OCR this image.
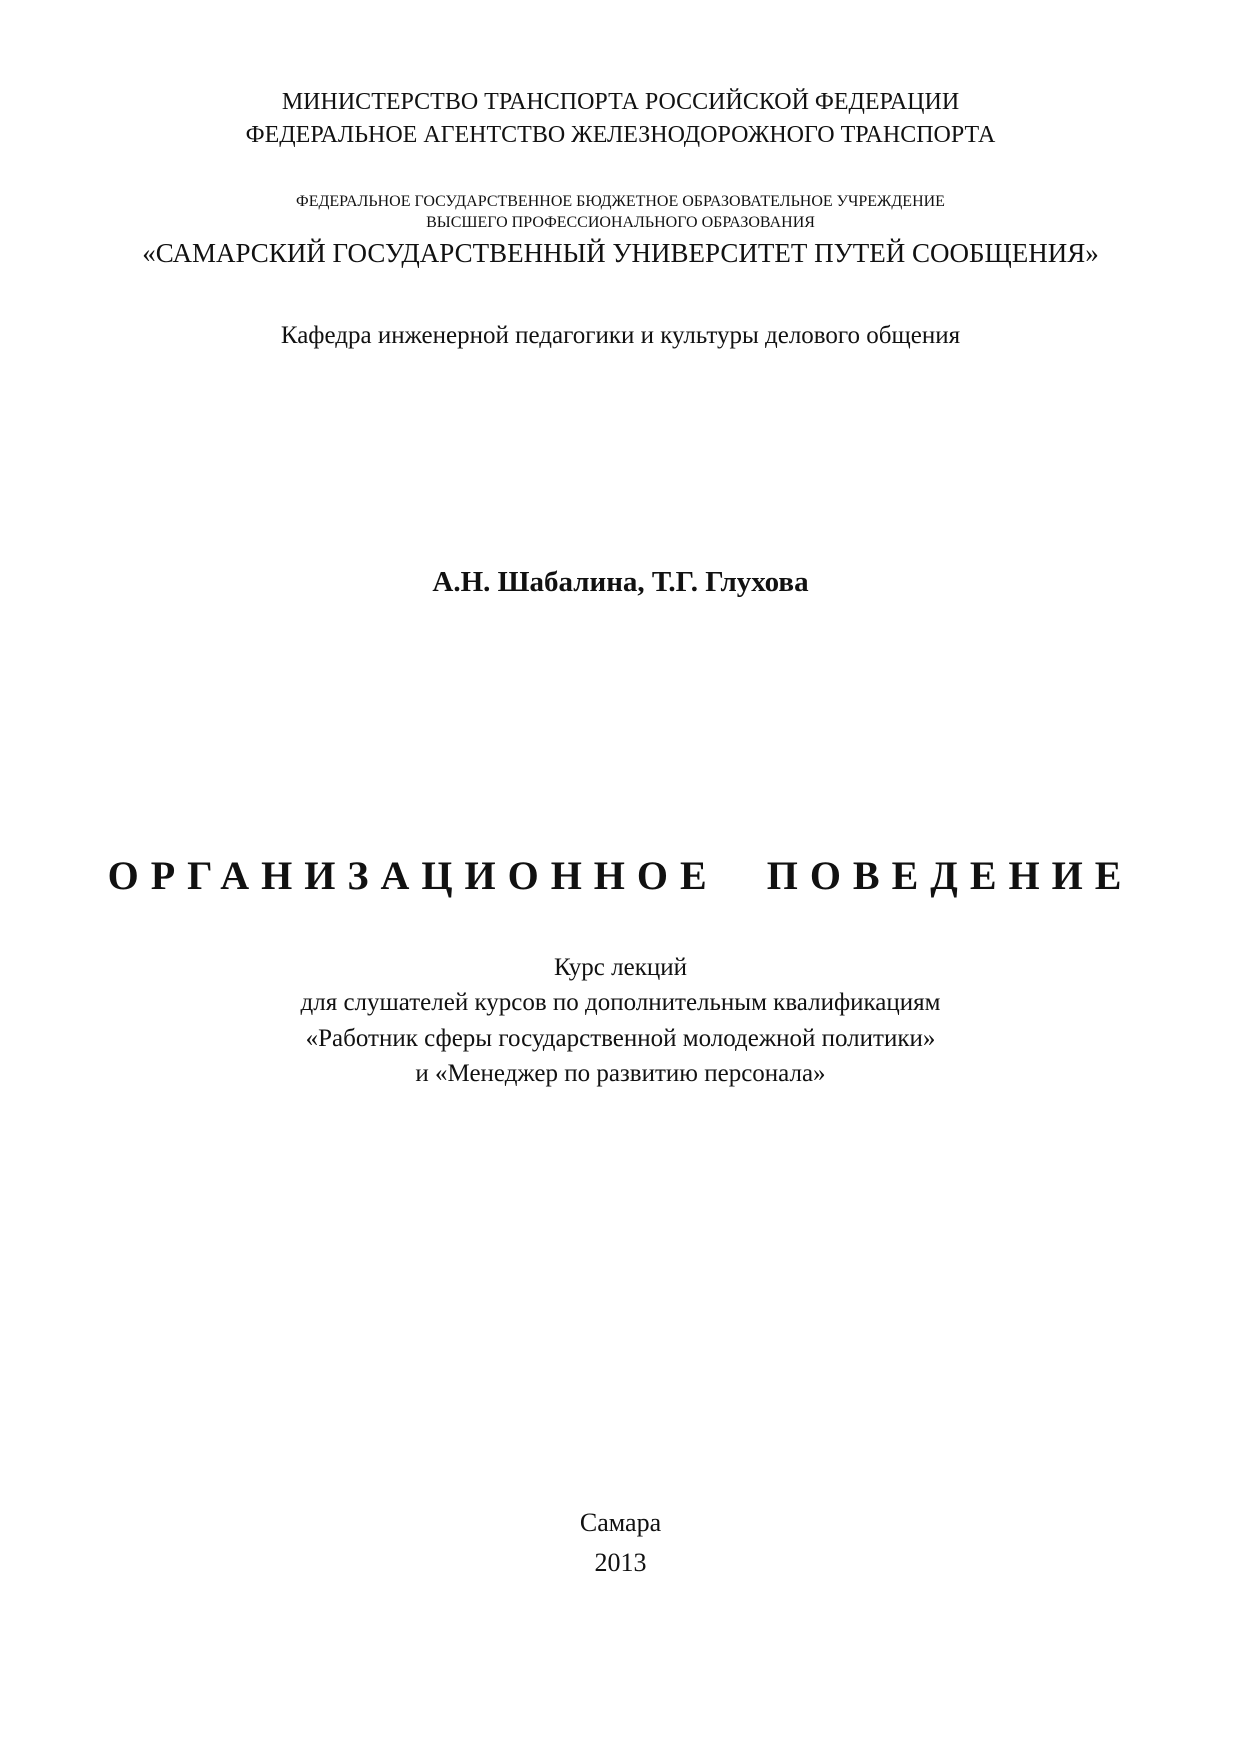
МИНИСТЕРСТВО ТРАНСПОРТА РОССИЙСКОЙ ФЕДЕРАЦИИ
ФЕДЕРАЛЬНОЕ АГЕНТСТВО ЖЕЛЕЗНОДОРОЖНОГО ТРАНСПОРТА
ФЕДЕРАЛЬНОЕ ГОСУДАРСТВЕННОЕ БЮДЖЕТНОЕ ОБРАЗОВАТЕЛЬНОЕ УЧРЕЖДЕНИЕ
ВЫСШЕГО ПРОФЕССИОНАЛЬНОГО ОБРАЗОВАНИЯ
«САМАРСКИЙ ГОСУДАРСТВЕННЫЙ УНИВЕРСИТЕТ ПУТЕЙ СООБЩЕНИЯ»
Кафедра инженерной педагогики и культуры делового общения
А.Н. Шабалина, Т.Г. Глухова
ОРГАНИЗАЦИОННОЕ ПОВЕДЕНИЕ
Курс лекций
для слушателей курсов по дополнительным квалификациям
«Работник сферы государственной молодежной политики»
и «Менеджер по развитию персонала»
Самара
2013
